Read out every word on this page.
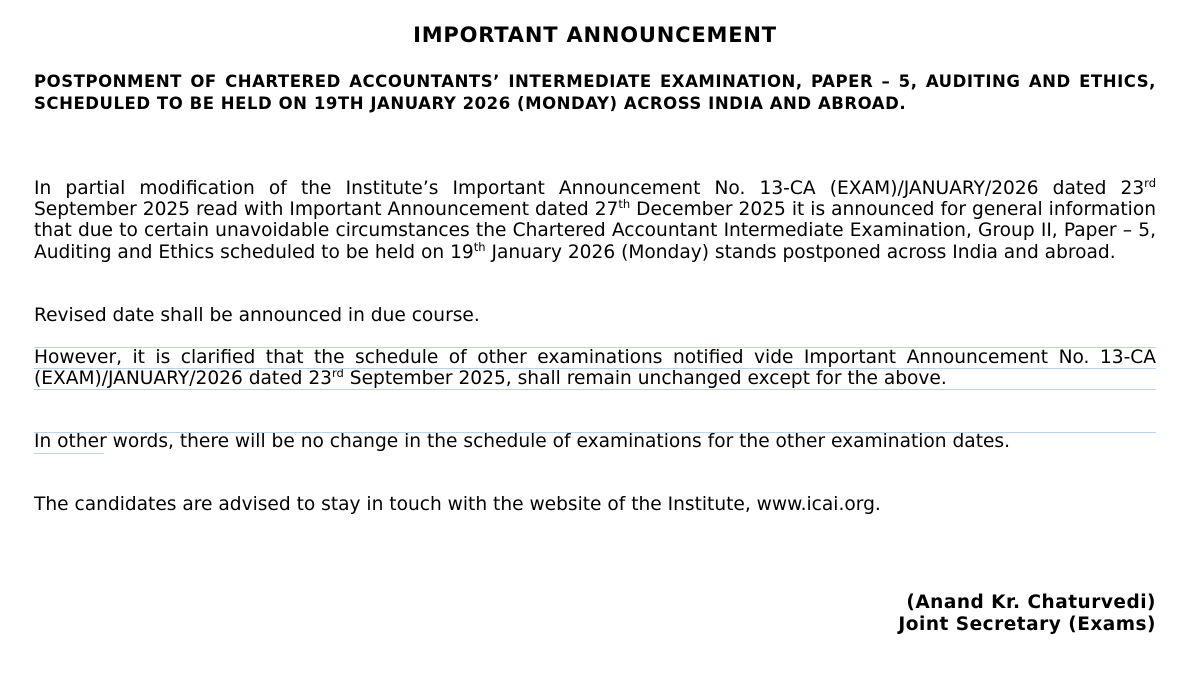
IMPORTANT ANNOUNCEMENT
POSTPONMENT OF CHARTERED ACCOUNTANTS’ INTERMEDIATE EXAMINATION, PAPER – 5, AUDITING AND ETHICS, SCHEDULED TO BE HELD ON 19TH JANUARY 2026 (MONDAY) ACROSS INDIA AND ABROAD.

In partial modification of the Institute’s Important Announcement No. 13-CA (EXAM)/JANUARY/2026 dated 23rd September 2025 read with Important Announcement dated 27th December 2025 it is announced for general information that due to certain unavoidable circumstances the Chartered Accountant Intermediate Examination, Group II, Paper – 5, Auditing and Ethics scheduled to be held on 19th January 2026 (Monday) stands postponed across India and abroad.

Revised date shall be announced in due course.

However, it is clarified that the schedule of other examinations notified vide Important Announcement No. 13-CA (EXAM)/JANUARY/2026 dated 23rd September 2025, shall remain unchanged except for the above.

In other words, there will be no change in the schedule of examinations for the other examination dates.

The candidates are advised to stay in touch with the website of the Institute, www.icai.org.

(Anand Kr. Chaturvedi)
Joint Secretary (Exams)
